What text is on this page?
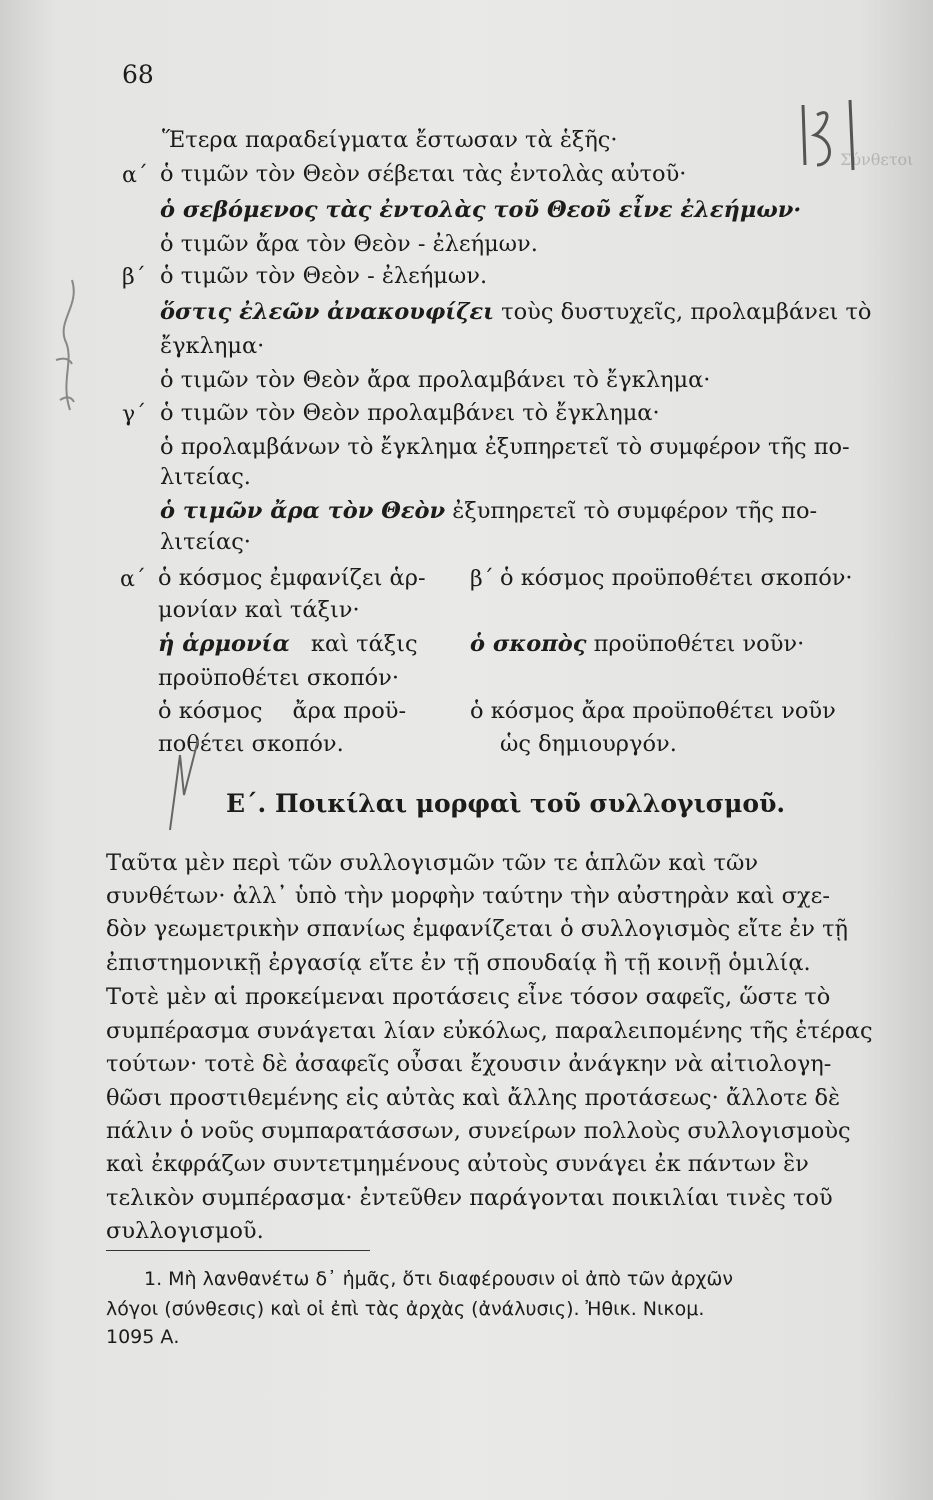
Σύνθετοι
68
Ἕτερα παραδείγματα ἔστωσαν τὰ ἑξῆς·
α΄ ὁ τιμῶν τὸν Θεὸν σέβεται τὰς ἐντολὰς αὐτοῦ·
ὁ σεβόμενος τὰς ἐντολὰς τοῦ Θεοῦ εἶνε ἐλεήμων·
ὁ τιμῶν ἄρα τὸν Θεὸν - ἐλεήμων.
β΄ ὁ τιμῶν τὸν Θεὸν - ἐλεήμων.
ὅστις ἐλεῶν ἀνακουφίζει τοὺς δυστυχεῖς, προλαμβάνει τὸ
ἔγκλημα·
ὁ τιμῶν τὸν Θεὸν ἄρα προλαμβάνει τὸ ἔγκλημα·
γ΄ ὁ τιμῶν τὸν Θεὸν προλαμβάνει τὸ ἔγκλημα·
ὁ προλαμβάνων τὸ ἔγκλημα ἐξυπηρετεῖ τὸ συμφέρον τῆς πο-
λιτείας.
ὁ τιμῶν ἄρα τὸν Θεὸν ἐξυπηρετεῖ τὸ συμφέρον τῆς πο-
λιτείας·
α΄ ὁ κόσμος ἐμφανίζει ἁρ-
μονίαν καὶ τάξιν·
ἡ ἁρμονία καὶ τάξις
προϋποθέτει σκοπόν·
ὁ κόσμος ἄρα προϋ-
ποθέτει σκοπόν.
β΄ ὁ κόσμος προϋποθέτει σκοπόν·
ὁ σκοπὸς προϋποθέτει νοῦν·
ὁ κόσμος ἄρα προϋποθέτει νοῦν
ὡς δημιουργόν.
Ε΄. Ποικίλαι μορφαὶ τοῦ συλλογισμοῦ.
Ταῦτα μὲν περὶ τῶν συλλογισμῶν τῶν τε ἁπλῶν καὶ τῶν
συνθέτων· ἀλλ᾽ ὑπὸ τὴν μορφὴν ταύτην τὴν αὐστηρὰν καὶ σχε-
δὸν γεωμετρικὴν σπανίως ἐμφανίζεται ὁ συλλογισμὸς εἴτε ἐν τῇ
ἐπιστημονικῇ ἐργασίᾳ εἴτε ἐν τῇ σπουδαίᾳ ἢ τῇ κοινῇ ὁμιλίᾳ.
Τοτὲ μὲν αἱ προκείμεναι προτάσεις εἶνε τόσον σαφεῖς, ὥστε τὸ
συμπέρασμα συνάγεται λίαν εὐκόλως, παραλειπομένης τῆς ἑτέρας
τούτων· τοτὲ δὲ ἀσαφεῖς οὖσαι ἔχουσιν ἀνάγκην νὰ αἰτιολογη-
θῶσι προστιθεμένης εἰς αὐτὰς καὶ ἄλλης προτάσεως· ἄλλοτε δὲ
πάλιν ὁ νοῦς συμπαρατάσσων, συνείρων πολλοὺς συλλογισμοὺς
καὶ ἐκφράζων συντετμημένους αὐτοὺς συνάγει ἐκ πάντων ἓν
τελικὸν συμπέρασμα· ἐντεῦθεν παράγονται ποικιλίαι τινὲς τοῦ
συλλογισμοῦ.
1. Μὴ λανθανέτω δ᾽ ἡμᾶς, ὅτι διαφέρουσιν οἱ ἀπὸ τῶν ἀρχῶν
λόγοι (σύνθεσις) καὶ οἱ ἐπὶ τὰς ἀρχὰς (ἀνάλυσις). Ἠθικ. Νικομ.
1095 Α.
